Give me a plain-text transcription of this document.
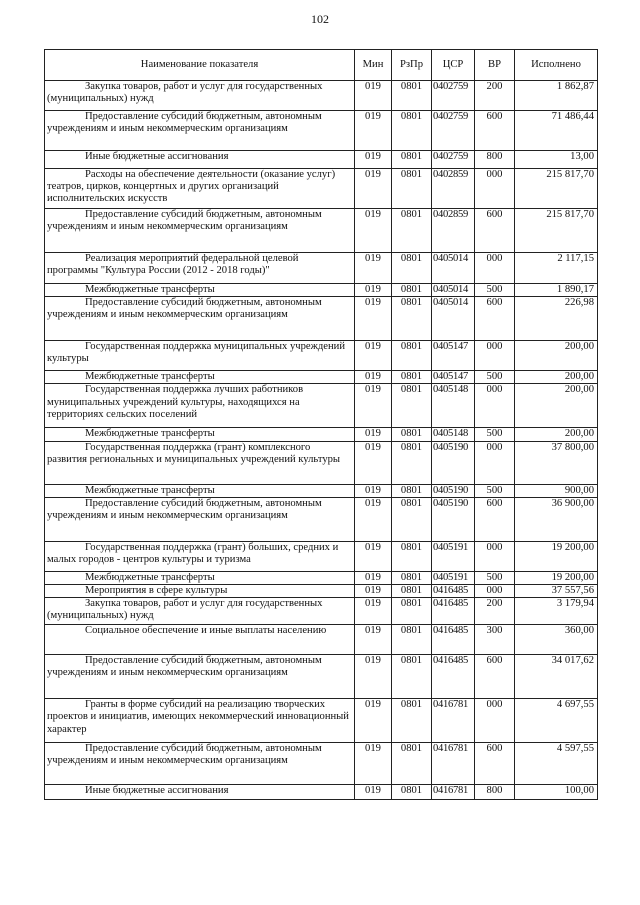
102
Наименование показателя	Мин	РзПр	ЦСР	ВР	Исполнено

Закупка товаров, работ и услуг для государственных (муниципальных) нужд	019	0801	0402759	200	1 862,87

Предоставление субсидий бюджетным, автономным учреждениям и иным некоммерческим организациям	019	0801	0402759	600	71 486,44

Иные бюджетные ассигнования	019	0801	0402759	800	13,00

Расходы на обеспечение деятельности (оказание услуг) театров, цирков, концертных и других организаций исполнительских искусств	019	0801	0402859	000	215 817,70

Предоставление субсидий бюджетным, автономным учреждениям и иным некоммерческим организациям	019	0801	0402859	600	215 817,70

Реализация мероприятий федеральной целевой программы "Культура России (2012 - 2018 годы)"	019	0801	0405014	000	2 117,15

Межбюджетные трансферты	019	0801	0405014	500	1 890,17

Предоставление субсидий бюджетным, автономным учреждениям и иным некоммерческим организациям	019	0801	0405014	600	226,98

Государственная поддержка муниципальных учреждений культуры	019	0801	0405147	000	200,00

Межбюджетные трансферты	019	0801	0405147	500	200,00

Государственная поддержка лучших работников муниципальных учреждений культуры, находящихся на территориях сельских поселений	019	0801	0405148	000	200,00

Межбюджетные трансферты	019	0801	0405148	500	200,00

Государственная поддержка (грант) комплексного развития региональных и муниципальных учреждений культуры	019	0801	0405190	000	37 800,00

Межбюджетные трансферты	019	0801	0405190	500	900,00

Предоставление субсидий бюджетным, автономным учреждениям и иным некоммерческим организациям	019	0801	0405190	600	36 900,00

Государственная поддержка (грант) больших, средних и малых городов - центров культуры и туризма	019	0801	0405191	000	19 200,00

Межбюджетные трансферты	019	0801	0405191	500	19 200,00

Мероприятия в сфере культуры	019	0801	0416485	000	37 557,56

Закупка товаров, работ и услуг для государственных (муниципальных) нужд	019	0801	0416485	200	3 179,94

Социальное обеспечение и иные выплаты населению	019	0801	0416485	300	360,00

Предоставление субсидий бюджетным, автономным учреждениям и иным некоммерческим организациям	019	0801	0416485	600	34 017,62

Гранты в форме субсидий на реализацию творческих проектов и инициатив, имеющих некоммерческий инновационный характер	019	0801	0416781	000	4 697,55

Предоставление субсидий бюджетным, автономным учреждениям и иным некоммерческим организациям	019	0801	0416781	600	4 597,55

Иные бюджетные ассигнования	019	0801	0416781	800	100,00
